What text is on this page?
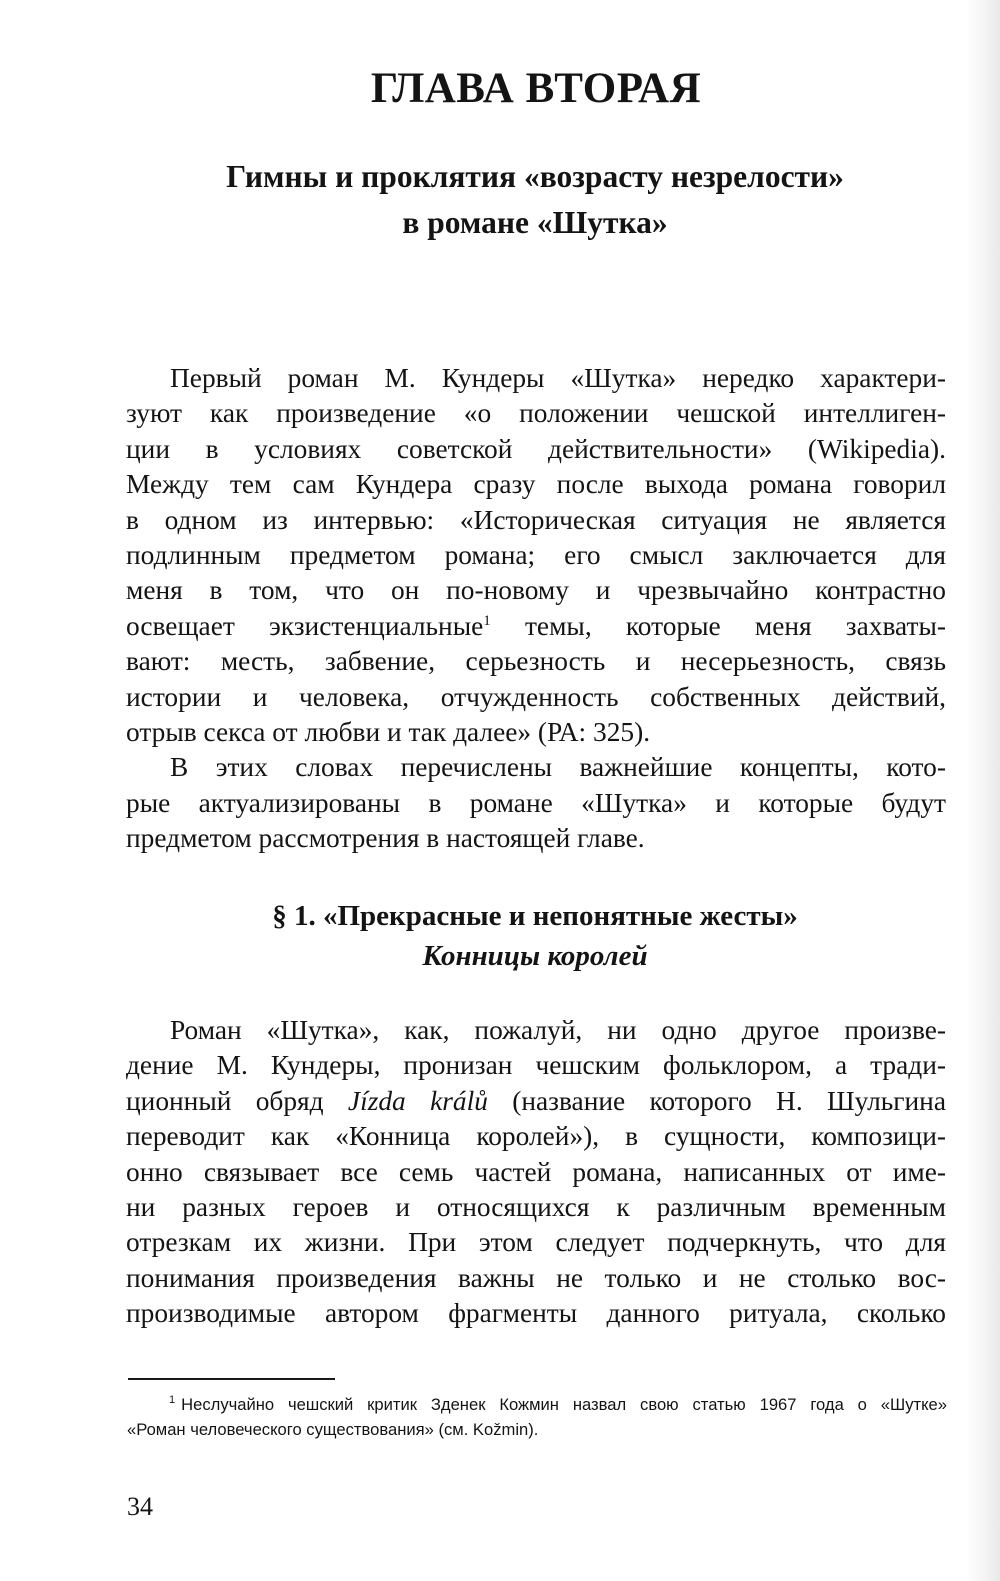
ГЛАВА ВТОРАЯ
Гимны и проклятия «возрасту незрелости»
в романе «Шутка»
Первый роман М. Кундеры «Шутка» нередко характери-
зуют как произведение «о положении чешской интеллиген-
ции в условиях советской действительности» (Wikipedia).
Между тем сам Кундера сразу после выхода романа говорил
в одном из интервью: «Историческая ситуация не является
подлинным предметом романа; его смысл заключается для
меня в том, что он по-новому и чрезвычайно контрастно
освещает экзистенциальные$^1$ темы, которые меня захваты-
вают: месть, забвение, серьезность и несерьезность, связь
истории и человека, отчужденность собственных действий,
отрыв секса от любви и так далее» (РА: 325).
В этих словах перечислены важнейшие концепты, кото-
рые актуализированы в романе «Шутка» и которые будут
предметом рассмотрения в настоящей главе.
§ 1. «Прекрасные и непонятные жесты»
Конницы королей
Роман «Шутка», как, пожалуй, ни одно другое произве-
дение М. Кундеры, пронизан чешским фольклором, а тради-
ционный обряд Jízda králů (название которого Н. Шульгина
переводит как «Конница королей»), в сущности, композици-
онно связывает все семь частей романа, написанных от име-
ни разных героев и относящихся к различным временным
отрезкам их жизни. При этом следует подчеркнуть, что для
понимания произведения важны не только и не столько вос-
производимые автором фрагменты данного ритуала, сколько
$^1$ Неслучайно чешский критик Зденек Кожмин назвал свою статью 1967 года о «Шутке»
«Роман человеческого существования» (см. Kožmin).
34
